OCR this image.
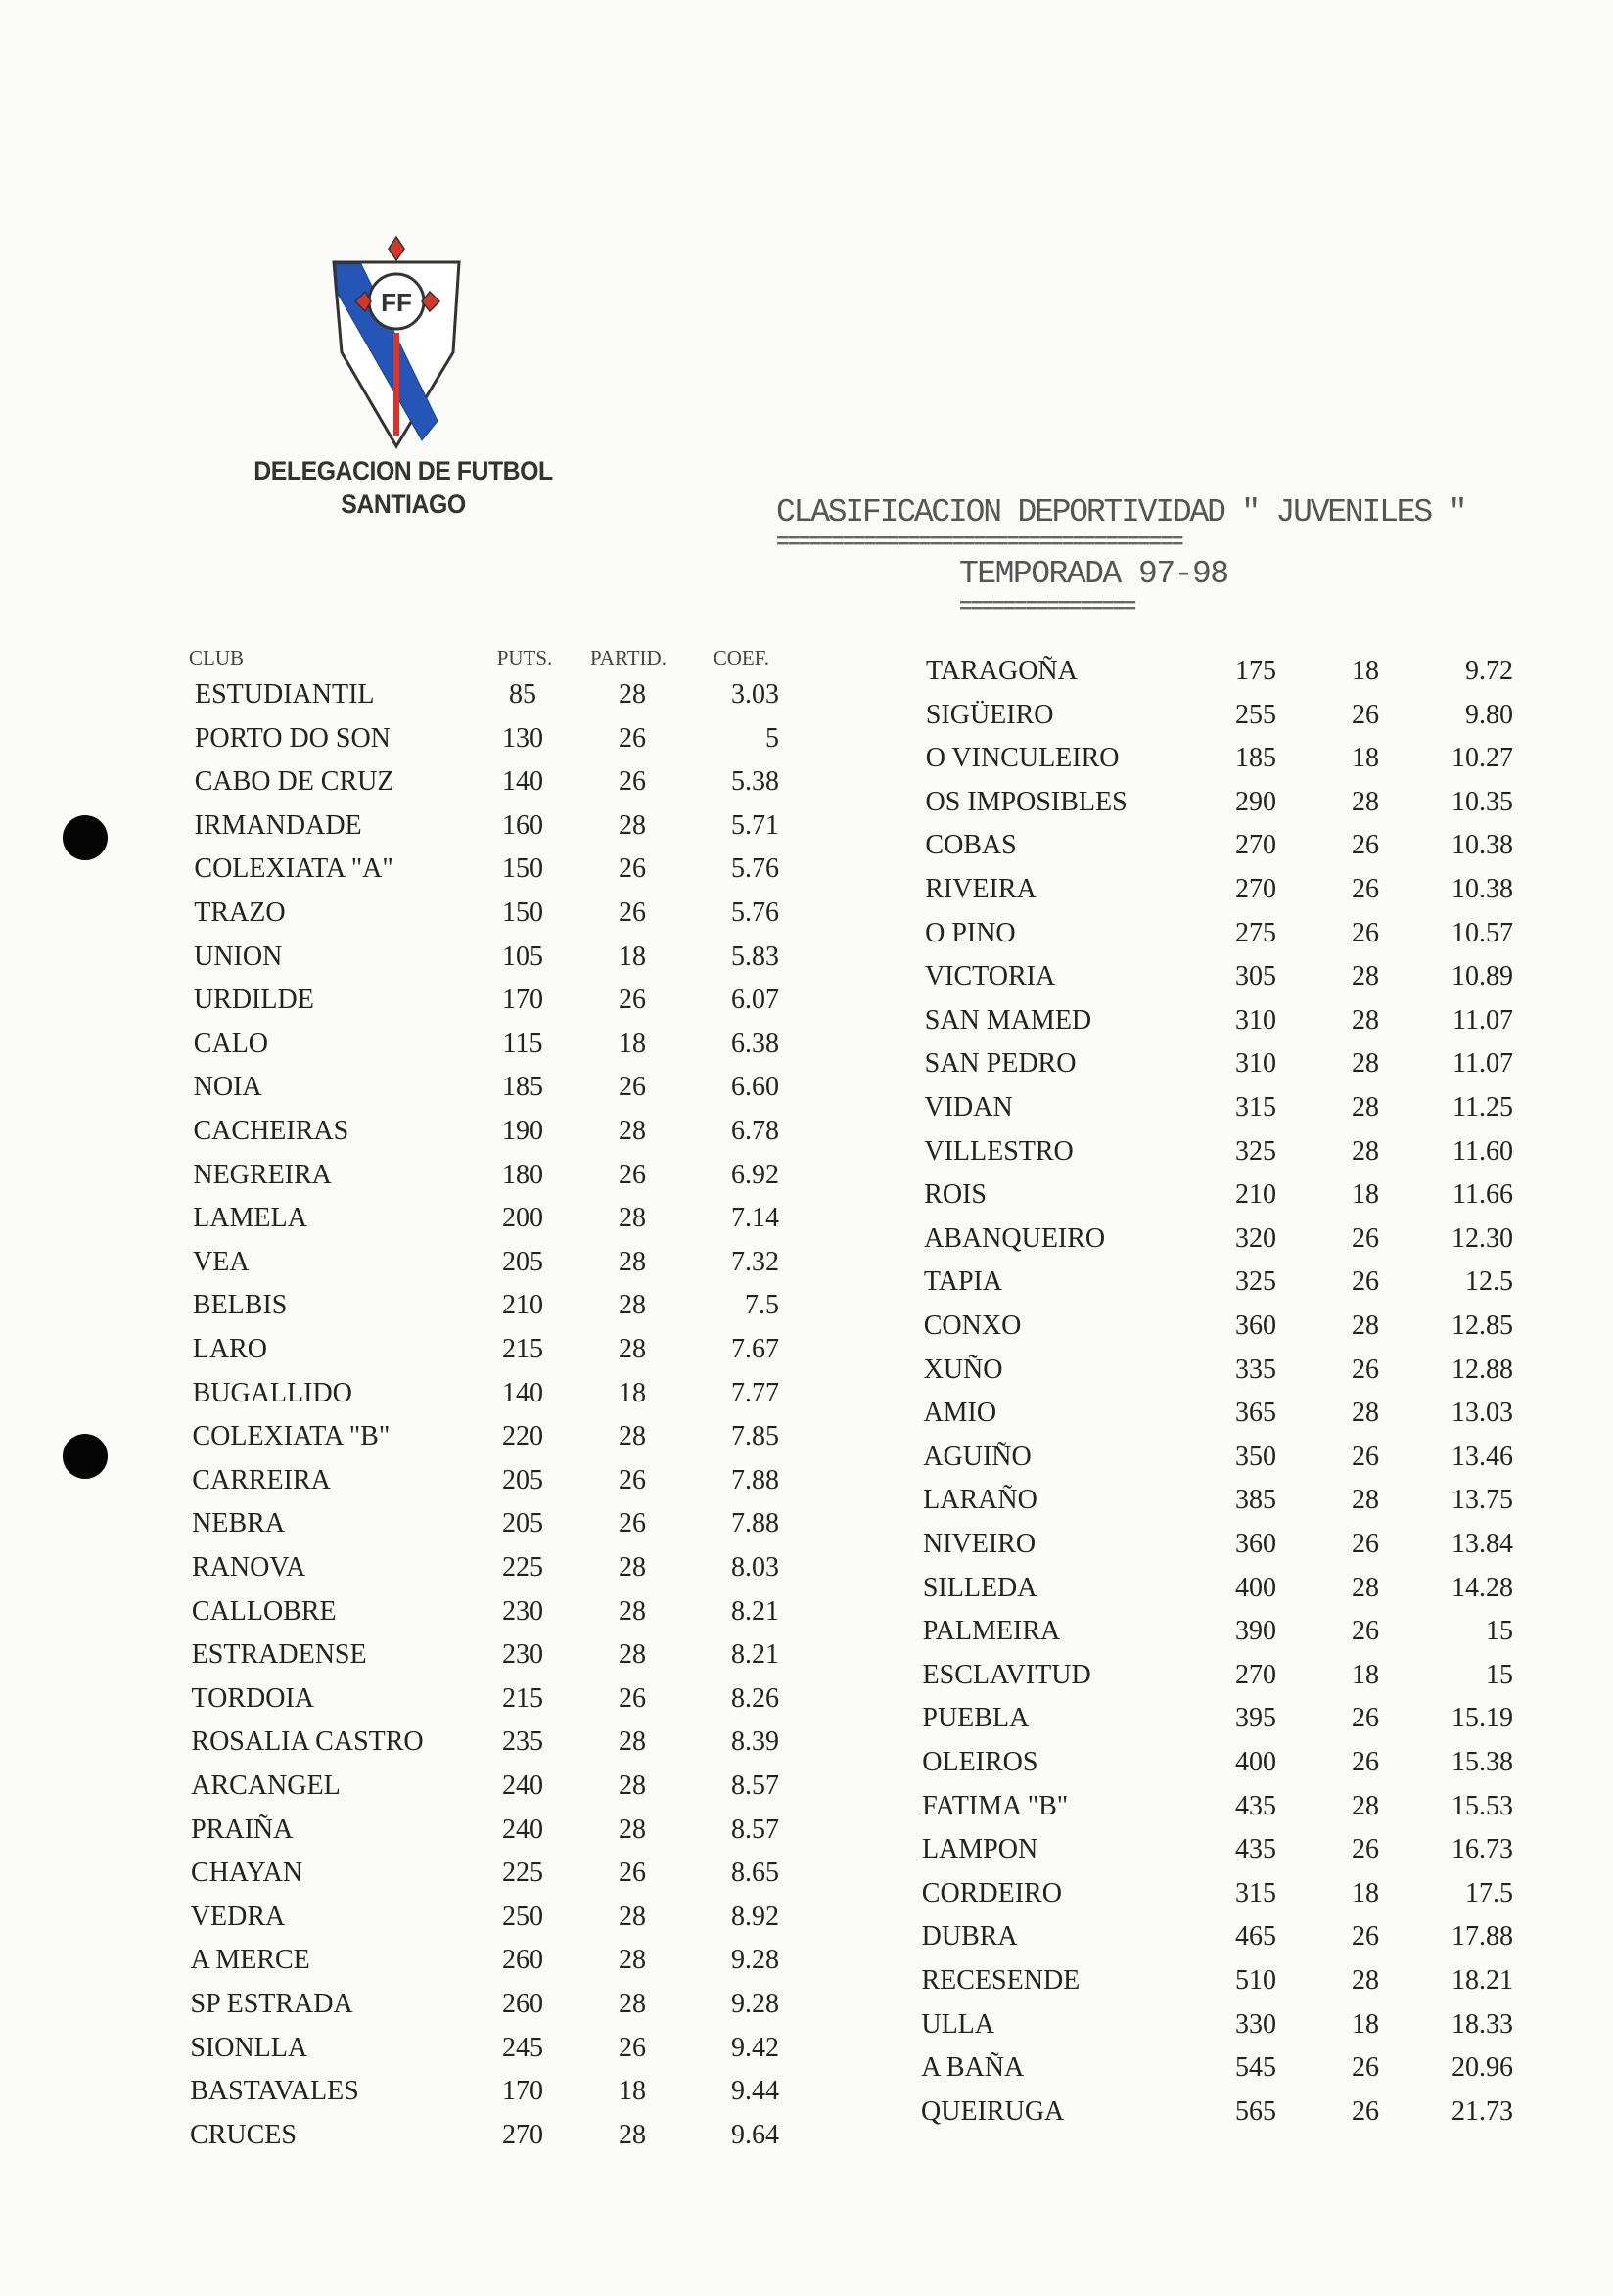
FF
DELEGACION DE FUTBOL
SANTIAGO	CLASIFICACION DEPORTIVIDAD " JUVENILES "
=====================================
TEMPORADA 97-98
================
CLUB	PUTS.	PARTID.	COEF.
ESTUDIANTIL	85	28	3.03
PORTO DO SON	130	26	5
CABO DE CRUZ	140	26	5.38
IRMANDADE	160	28	5.71
COLEXIATA "A"	150	26	5.76
TRAZO	150	26	5.76
UNION	105	18	5.83
URDILDE	170	26	6.07
CALO	115	18	6.38
NOIA	185	26	6.60
CACHEIRAS	190	28	6.78
NEGREIRA	180	26	6.92
LAMELA	200	28	7.14
VEA	205	28	7.32
BELBIS	210	28	7.5
LARO	215	28	7.67
BUGALLIDO	140	18	7.77
COLEXIATA "B"	220	28	7.85
CARREIRA	205	26	7.88
NEBRA	205	26	7.88
RANOVA	225	28	8.03
CALLOBRE	230	28	8.21
ESTRADENSE	230	28	8.21
TORDOIA	215	26	8.26
ROSALIA CASTRO	235	28	8.39
ARCANGEL	240	28	8.57
PRAIÑA	240	28	8.57
CHAYAN	225	26	8.65
VEDRA	250	28	8.92
A MERCE	260	28	9.28
SP ESTRADA	260	28	9.28
SIONLLA	245	26	9.42
BASTAVALES	170	18	9.44
CRUCES	270	28	9.64
TARAGOÑA	175	18	9.72
SIGÜEIRO	255	26	9.80
O VINCULEIRO	185	18	10.27
OS IMPOSIBLES	290	28	10.35
COBAS	270	26	10.38
RIVEIRA	270	26	10.38
O PINO	275	26	10.57
VICTORIA	305	28	10.89
SAN MAMED	310	28	11.07
SAN PEDRO	310	28	11.07
VIDAN	315	28	11.25
VILLESTRO	325	28	11.60
ROIS	210	18	11.66
ABANQUEIRO	320	26	12.30
TAPIA	325	26	12.5
CONXO	360	28	12.85
XUÑO	335	26	12.88
AMIO	365	28	13.03
AGUIÑO	350	26	13.46
LARAÑO	385	28	13.75
NIVEIRO	360	26	13.84
SILLEDA	400	28	14.28
PALMEIRA	390	26	15
ESCLAVITUD	270	18	15
PUEBLA	395	26	15.19
OLEIROS	400	26	15.38
FATIMA "B"	435	28	15.53
LAMPON	435	26	16.73
CORDEIRO	315	18	17.5
DUBRA	465	26	17.88
RECESENDE	510	28	18.21
ULLA	330	18	18.33
A BAÑA	545	26	20.96
QUEIRUGA	565	26	21.73
